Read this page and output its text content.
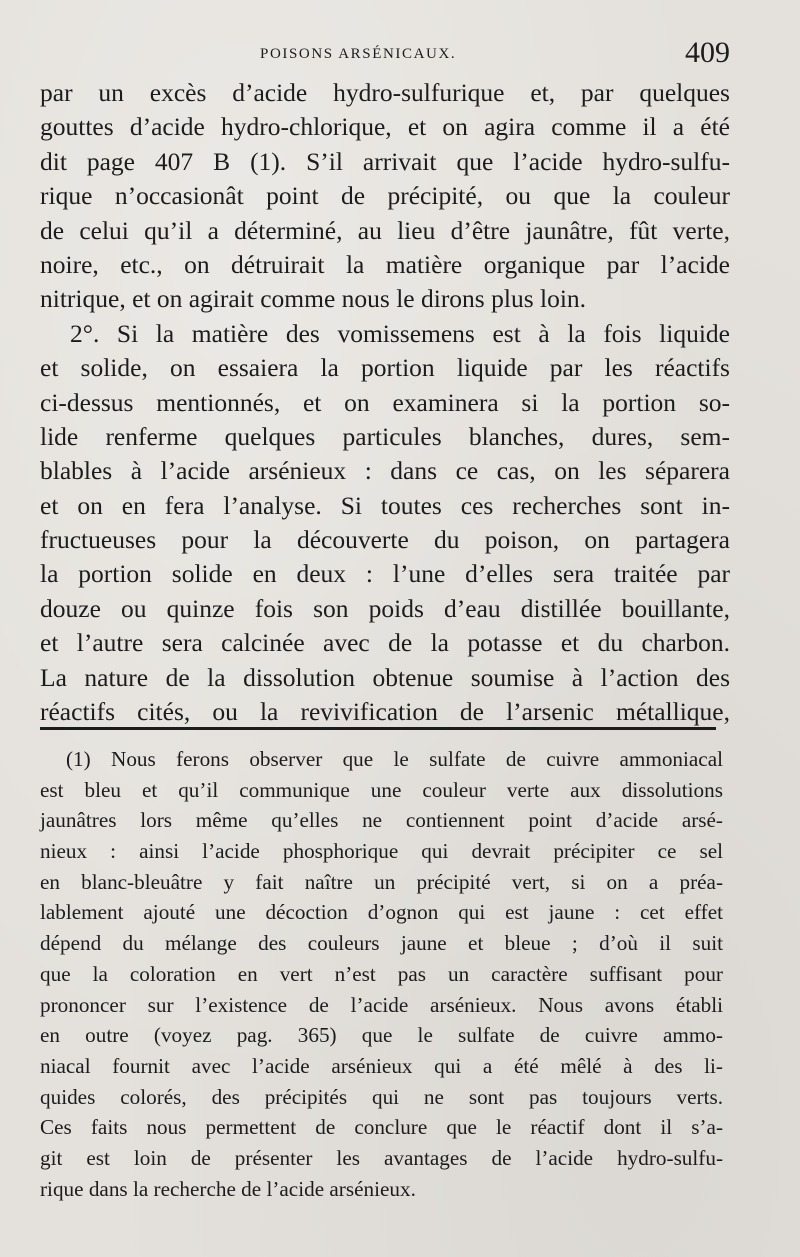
POISONS ARSÉNICAUX.	409
par un excès d’acide hydro-sulfurique et, par quelques
gouttes d’acide hydro-chlorique, et on agira comme il a été
dit page 407 B (1). S’il arrivait que l’acide hydro-sulfu-
rique n’occasionât point de précipité, ou que la couleur
de celui qu’il a déterminé, au lieu d’être jaunâtre, fût verte,
noire, etc., on détruirait la matière organique par l’acide
nitrique, et on agirait comme nous le dirons plus loin.
2°. Si la matière des vomissemens est à la fois liquide
et solide, on essaiera la portion liquide par les réactifs
ci-dessus mentionnés, et on examinera si la portion so-
lide renferme quelques particules blanches, dures, sem-
blables à l’acide arsénieux : dans ce cas, on les séparera
et on en fera l’analyse. Si toutes ces recherches sont in-
fructueuses pour la découverte du poison, on partagera
la portion solide en deux : l’une d’elles sera traitée par
douze ou quinze fois son poids d’eau distillée bouillante,
et l’autre sera calcinée avec de la potasse et du charbon.
La nature de la dissolution obtenue soumise à l’action des
réactifs cités, ou la revivification de l’arsenic métallique,
(1) Nous ferons observer que le sulfate de cuivre ammoniacal
est bleu et qu’il communique une couleur verte aux dissolutions
jaunâtres lors même qu’elles ne contiennent point d’acide arsé-
nieux : ainsi l’acide phosphorique qui devrait précipiter ce sel
en blanc-bleuâtre y fait naître un précipité vert, si on a préa-
lablement ajouté une décoction d’ognon qui est jaune : cet effet
dépend du mélange des couleurs jaune et bleue ; d’où il suit
que la coloration en vert n’est pas un caractère suffisant pour
prononcer sur l’existence de l’acide arsénieux. Nous avons établi
en outre (voyez pag. 365) que le sulfate de cuivre ammo-
niacal fournit avec l’acide arsénieux qui a été mêlé à des li-
quides colorés, des précipités qui ne sont pas toujours verts.
Ces faits nous permettent de conclure que le réactif dont il s’a-
git est loin de présenter les avantages de l’acide hydro-sulfu-
rique dans la recherche de l’acide arsénieux.
